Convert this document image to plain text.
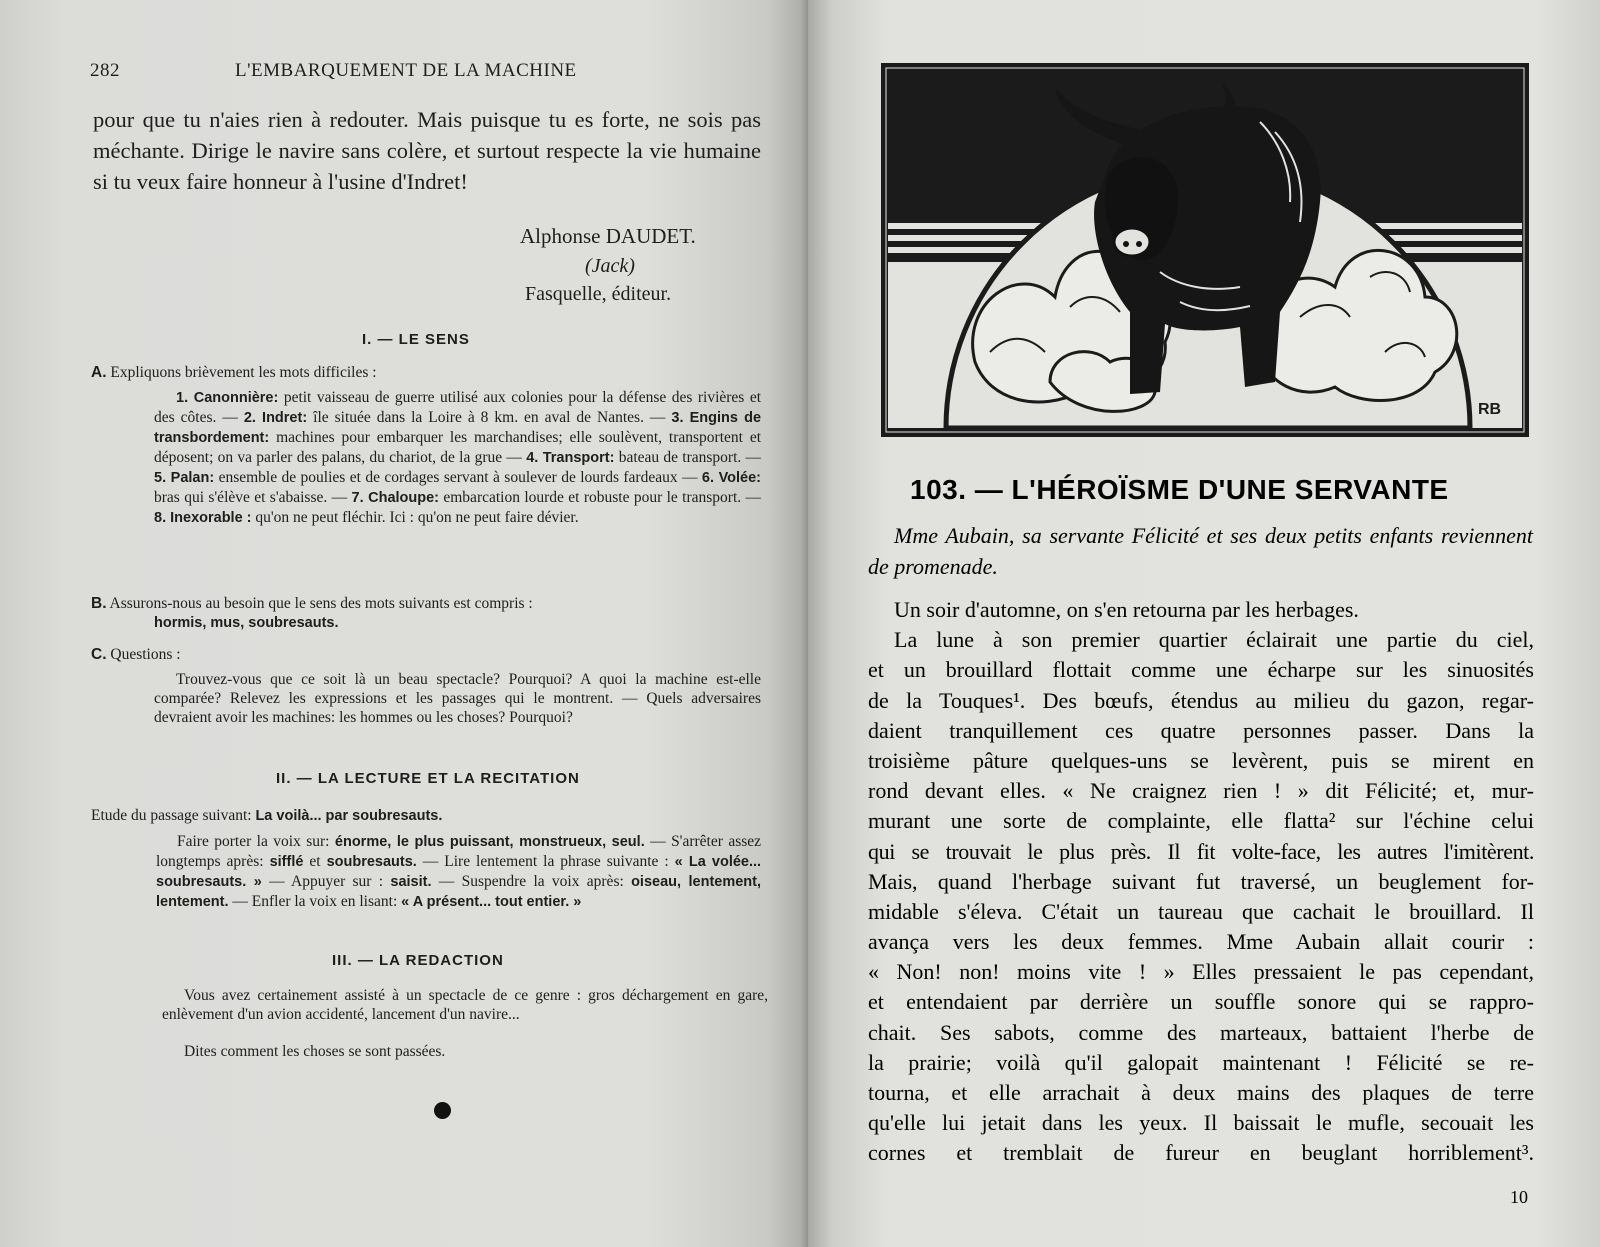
282	L'EMBARQUEMENT DE LA MACHINE
pour que tu n'aies rien à redouter. Mais puisque tu es forte, ne sois pas méchante. Dirige le navire sans colère, et surtout respecte la vie humaine si tu veux faire honneur à l'usine d'Indret!
Alphonse DAUDET.
(Jack)
Fasquelle, éditeur.
I. — LE SENS
A. Expliquons brièvement les mots difficiles :
1. Canonnière: petit vaisseau de guerre utilisé aux colonies pour la défense des rivières et des côtes. — 2. Indret: île située dans la Loire à 8 km. en aval de Nantes. — 3. Engins de transbordement: machines pour embarquer les marchandises; elle soulèvent, transportent et déposent; on va parler des palans, du chariot, de la grue — 4. Transport: bateau de transport. — 5. Palan: ensemble de poulies et de cordages servant à soulever de lourds fardeaux — 6. Volée: bras qui s'élève et s'abaisse. — 7. Chaloupe: embarcation lourde et robuste pour le transport. — 8. Inexorable : qu'on ne peut fléchir. Ici : qu'on ne peut faire dévier.
B. Assurons-nous au besoin que le sens des mots suivants est compris :
hormis, mus, soubresauts.
C. Questions :
Trouvez-vous que ce soit là un beau spectacle? Pourquoi? A quoi la machine est-elle comparée? Relevez les expressions et les passages qui le montrent. — Quels adversaires devraient avoir les machines: les hommes ou les choses? Pourquoi?
II. — LA LECTURE ET LA RECITATION
Etude du passage suivant: La voilà... par soubresauts.
Faire porter la voix sur: énorme, le plus puissant, monstrueux, seul. — S'arrêter assez longtemps après: sifflé et soubresauts. — Lire lentement la phrase suivante : « La volée... soubresauts. » — Appuyer sur : saisit. — Suspendre la voix après: oiseau, lentement, lentement. — Enfler la voix en lisant: « A présent... tout entier. »
III. — LA REDACTION
Vous avez certainement assisté à un spectacle de ce genre : gros déchargement en gare, enlèvement d'un avion accidenté, lancement d'un navire...
Dites comment les choses se sont passées.
RB
103. — L'HÉROÏSME D'UNE SERVANTE
Mme Aubain, sa servante Félicité et ses deux petits enfants reviennent de promenade.
Un soir d'automne, on s'en retourna par les herbages.
La lune à son premier quartier éclairait une partie du ciel,
et un brouillard flottait comme une écharpe sur les sinuosités
de la Touques¹. Des bœufs, étendus au milieu du gazon, regar-
daient tranquillement ces quatre personnes passer. Dans la
troisième pâture quelques-uns se levèrent, puis se mirent en
rond devant elles. « Ne craignez rien ! » dit Félicité; et, mur-
murant une sorte de complainte, elle flatta² sur l'échine celui
qui se trouvait le plus près. Il fit volte-face, les autres l'imitèrent.
Mais, quand l'herbage suivant fut traversé, un beuglement for-
midable s'éleva. C'était un taureau que cachait le brouillard. Il
avança vers les deux femmes. Mme Aubain allait courir :
« Non! non! moins vite ! » Elles pressaient le pas cependant,
et entendaient par derrière un souffle sonore qui se rappro-
chait. Ses sabots, comme des marteaux, battaient l'herbe de
la prairie; voilà qu'il galopait maintenant ! Félicité se re-
tourna, et elle arrachait à deux mains des plaques de terre
qu'elle lui jetait dans les yeux. Il baissait le mufle, secouait les
cornes et tremblait de fureur en beuglant horriblement³.
10
